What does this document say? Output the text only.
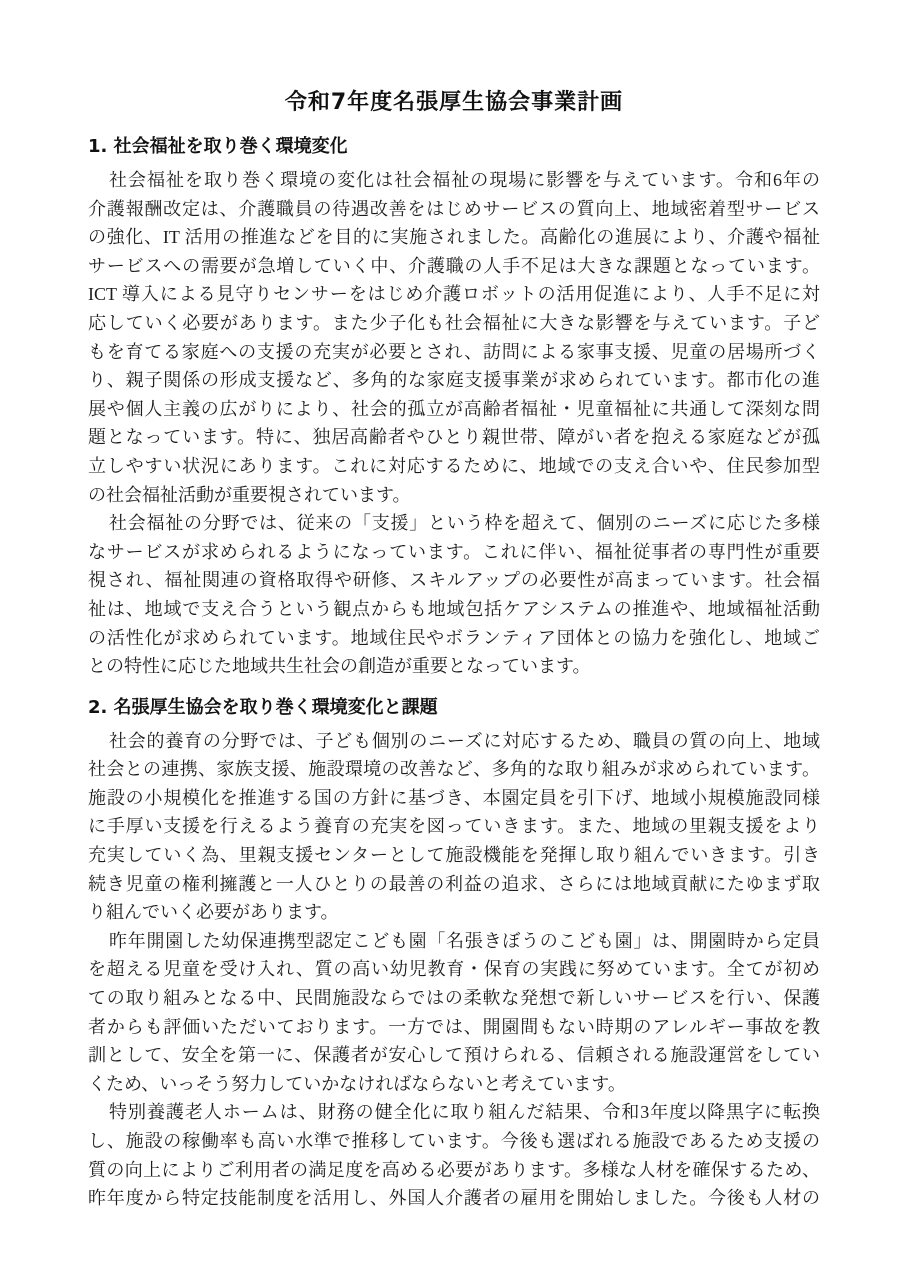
令和7年度名張厚生協会事業計画
1. 社会福祉を取り巻く環境変化
社会福祉を取り巻く環境の変化は社会福祉の現場に影響を与えています。令和6年の
介護報酬改定は、介護職員の待遇改善をはじめサービスの質向上、地域密着型サービス
の強化、IT 活用の推進などを目的に実施されました。高齢化の進展により、介護や福祉
サービスへの需要が急増していく中、介護職の人手不足は大きな課題となっています。
ICT 導入による見守りセンサーをはじめ介護ロボットの活用促進により、人手不足に対
応していく必要があります。また少子化も社会福祉に大きな影響を与えています。子ど
もを育てる家庭への支援の充実が必要とされ、訪問による家事支援、児童の居場所づく
り、親子関係の形成支援など、多角的な家庭支援事業が求められています。都市化の進
展や個人主義の広がりにより、社会的孤立が高齢者福祉・児童福祉に共通して深刻な問
題となっています。特に、独居高齢者やひとり親世帯、障がい者を抱える家庭などが孤
立しやすい状況にあります。これに対応するために、地域での支え合いや、住民参加型
の社会福祉活動が重要視されています。
社会福祉の分野では、従来の「支援」という枠を超えて、個別のニーズに応じた多様
なサービスが求められるようになっています。これに伴い、福祉従事者の専門性が重要
視され、福祉関連の資格取得や研修、スキルアップの必要性が高まっています。社会福
祉は、地域で支え合うという観点からも地域包括ケアシステムの推進や、地域福祉活動
の活性化が求められています。地域住民やボランティア団体との協力を強化し、地域ご
との特性に応じた地域共生社会の創造が重要となっています。
2. 名張厚生協会を取り巻く環境変化と課題
社会的養育の分野では、子ども個別のニーズに対応するため、職員の質の向上、地域
社会との連携、家族支援、施設環境の改善など、多角的な取り組みが求められています。
施設の小規模化を推進する国の方針に基づき、本園定員を引下げ、地域小規模施設同様
に手厚い支援を行えるよう養育の充実を図っていきます。また、地域の里親支援をより
充実していく為、里親支援センターとして施設機能を発揮し取り組んでいきます。引き
続き児童の権利擁護と一人ひとりの最善の利益の追求、さらには地域貢献にたゆまず取
り組んでいく必要があります。
昨年開園した幼保連携型認定こども園「名張きぼうのこども園」は、開園時から定員
を超える児童を受け入れ、質の高い幼児教育・保育の実践に努めています。全てが初め
ての取り組みとなる中、民間施設ならではの柔軟な発想で新しいサービスを行い、保護
者からも評価いただいております。一方では、開園間もない時期のアレルギー事故を教
訓として、安全を第一に、保護者が安心して預けられる、信頼される施設運営をしてい
くため、いっそう努力していかなければならないと考えています。
特別養護老人ホームは、財務の健全化に取り組んだ結果、令和3年度以降黒字に転換
し、施設の稼働率も高い水準で推移しています。今後も選ばれる施設であるため支援の
質の向上によりご利用者の満足度を高める必要があります。多様な人材を確保するため、
昨年度から特定技能制度を活用し、外国人介護者の雇用を開始しました。今後も人材の
